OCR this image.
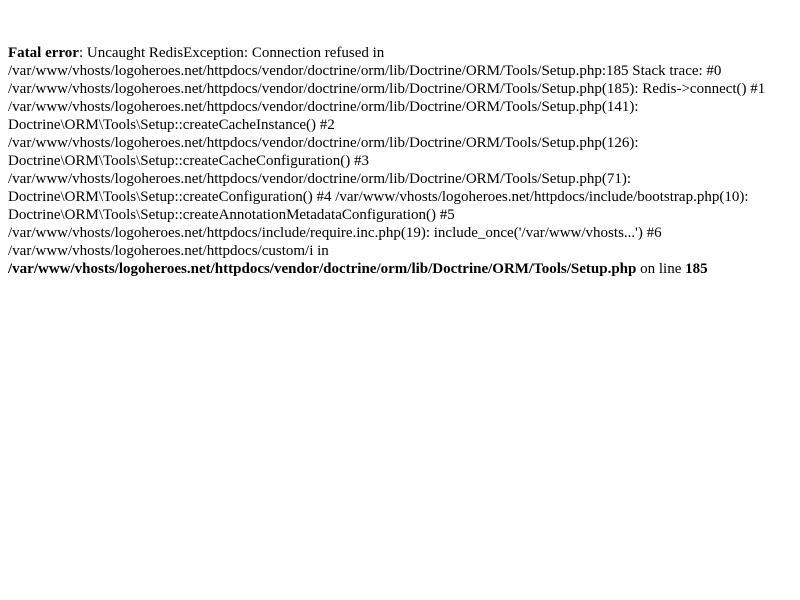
Fatal error: Uncaught RedisException: Connection refused in /var/www/vhosts/logoheroes.net/httpdocs/vendor/doctrine/orm/lib/Doctrine/ORM/Tools/Setup.php:185 Stack trace: #0 /var/www/vhosts/logoheroes.net/httpdocs/vendor/doctrine/orm/lib/Doctrine/ORM/Tools/Setup.php(185): Redis->connect() #1 /var/www/vhosts/logoheroes.net/httpdocs/vendor/doctrine/orm/lib/Doctrine/ORM/Tools/Setup.php(141): Doctrine\ORM\Tools\Setup::createCacheInstance() #2 /var/www/vhosts/logoheroes.net/httpdocs/vendor/doctrine/orm/lib/Doctrine/ORM/Tools/Setup.php(126): Doctrine\ORM\Tools\Setup::createCacheConfiguration() #3 /var/www/vhosts/logoheroes.net/httpdocs/vendor/doctrine/orm/lib/Doctrine/ORM/Tools/Setup.php(71): Doctrine\ORM\Tools\Setup::createConfiguration() #4 /var/www/vhosts/logoheroes.net/httpdocs/include/bootstrap.php(10): Doctrine\ORM\Tools\Setup::createAnnotationMetadataConfiguration() #5 /var/www/vhosts/logoheroes.net/httpdocs/include/require.inc.php(19): include_once('/var/www/vhosts...') #6 /var/www/vhosts/logoheroes.net/httpdocs/custom/i in /var/www/vhosts/logoheroes.net/httpdocs/vendor/doctrine/orm/lib/Doctrine/ORM/Tools/Setup.php on line 185
